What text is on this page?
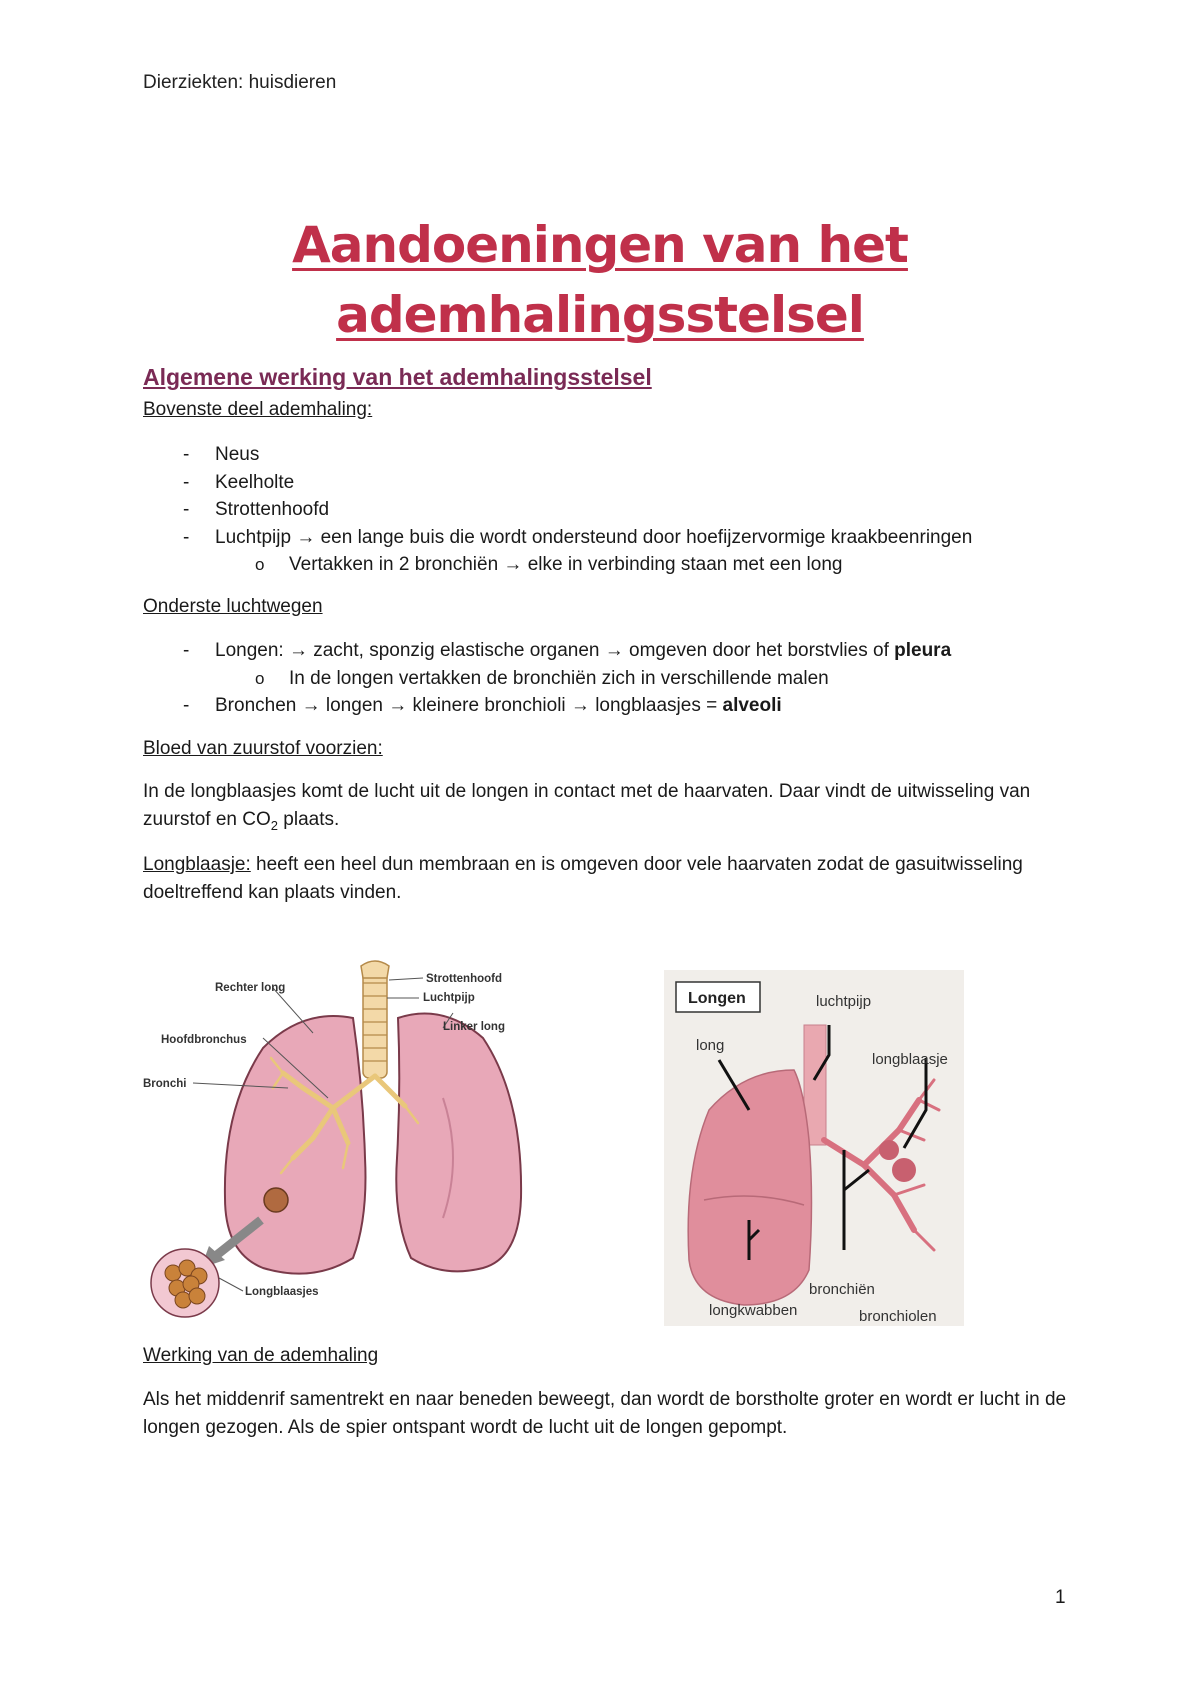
Dierziekten: huisdieren
Aandoeningen van het
ademhalingsstelsel
Algemene werking van het ademhalingsstelsel
Bovenste deel ademhaling:
- Neus
- Keelholte
- Strottenhoofd
- Luchtpijp → een lange buis die wordt ondersteund door hoefijzervormige kraakbeenringen
o Vertakken in 2 bronchiën → elke in verbinding staan met een long
Onderste luchtwegen
- Longen: → zacht, sponzig elastische organen → omgeven door het borstvlies of pleura
o In de longen vertakken de bronchiën zich in verschillende malen
- Bronchen → longen → kleinere bronchioli → longblaasjes = alveoli
Bloed van zuurstof voorzien:

In de longblaasjes komt de lucht uit de longen in contact met de haarvaten. Daar vindt de uitwisseling van zuurstof en $CO_2$ plaats.

Longblaasje: heeft een heel dun membraan en is omgeven door vele haarvaten zodat de gasuitwisseling doeltreffend kan plaats vinden.

Rechter long
Strottenhoofd
Luchtpijp
Linker long
Hoofdbronchus
Bronchi
Longblaasjes
Longen	luchtpijp
long
longblaasje
bronchiën
longkwabben	bronchiolen
Werking van de ademhaling

Als het middenrif samentrekt en naar beneden beweegt, dan wordt de borstholte groter en wordt er lucht in de longen gezogen. Als de spier ontspant wordt de lucht uit de longen gepompt.

1
